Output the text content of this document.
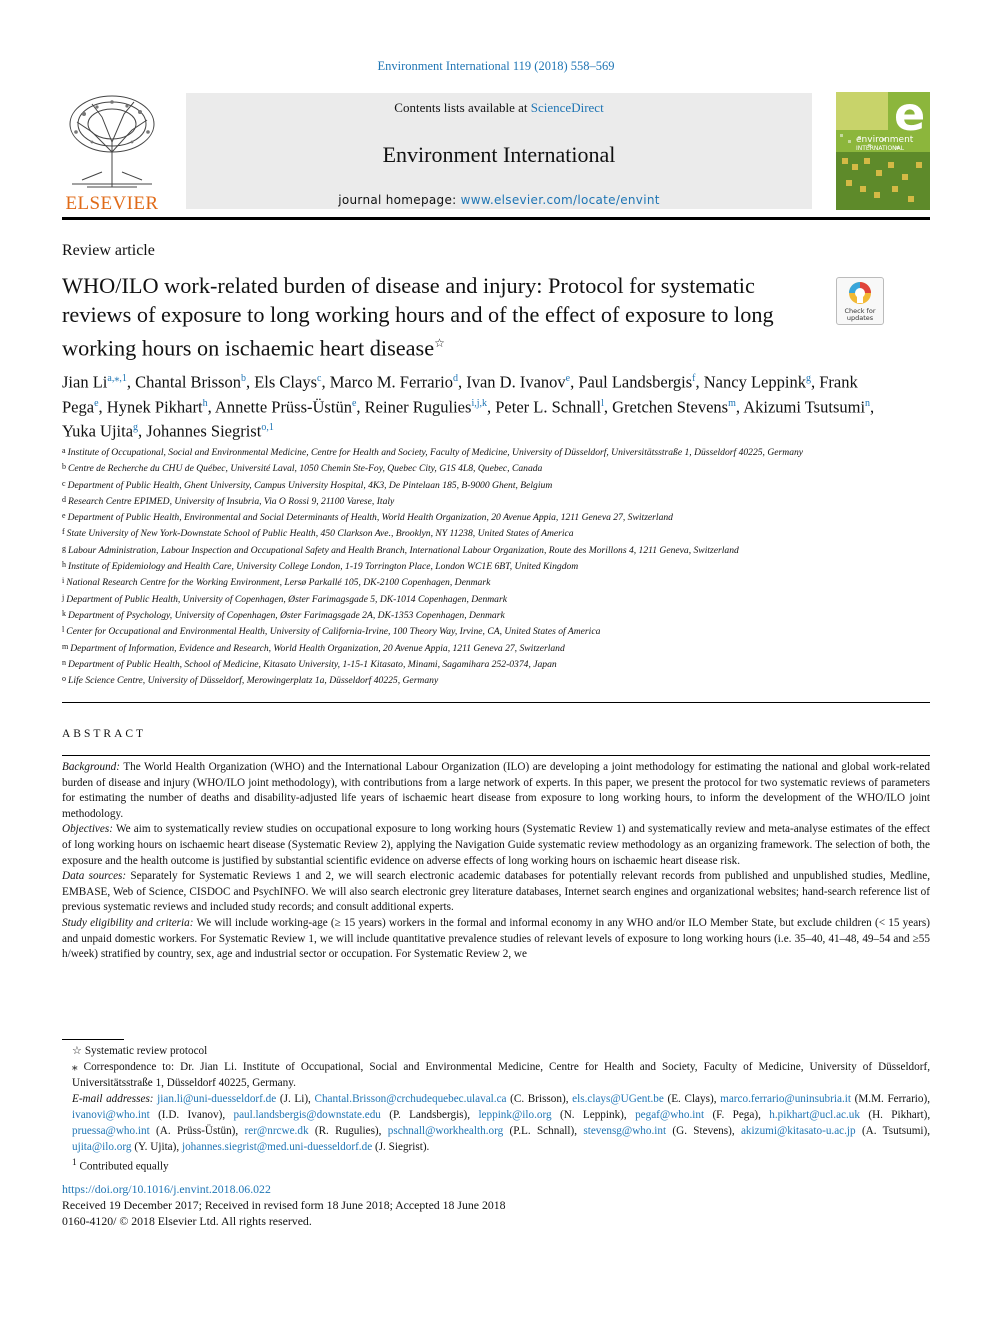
Environment International 119 (2018) 558–569
ELSEVIER
Contents lists available at ScienceDirect
Environment International
journal homepage: www.elsevier.com/locate/envint
e
environment
INTERNATIONAL
Review article
WHO/ILO work-related burden of disease and injury: Protocol for systematic reviews of exposure to long working hours and of the effect of exposure to long working hours on ischaemic heart disease☆
Check for
updates
Jian $Li^{a,⁎,1}$, Chantal Brisson$^b$, Els Clays$^c$, Marco M. Ferrario$^d$, Ivan D. Ivanov$^e$, Paul Landsbergis$^f$, Nancy Leppink$^g$, Frank Pega$^e$, Hynek Pikhart$^h$, Annette Prüss-Üstün$^e$, Reiner Rugulies$^{i,j,k}$, Peter L. Schnall$^l$, Gretchen Stevens$^m$, Akizumi Tsutsumi$^n$, Yuka Ujita$^g$, Johannes Siegrist$^{o,1}$
$^a$ Institute of Occupational, Social and Environmental Medicine, Centre for Health and Society, Faculty of Medicine, University of Düsseldorf, Universitätsstraße 1, Düsseldorf 40225, Germany
$^b$ Centre de Recherche du CHU de Québec, Université Laval, 1050 Chemin Ste-Foy, Quebec City, G1S 4L8, Quebec, Canada
$^c$ Department of Public Health, Ghent University, Campus University Hospital, 4K3, De Pintelaan 185, B-9000 Ghent, Belgium
$^d$ Research Centre EPIMED, University of Insubria, Via O Rossi 9, 21100 Varese, Italy
$^e$ Department of Public Health, Environmental and Social Determinants of Health, World Health Organization, 20 Avenue Appia, 1211 Geneva 27, Switzerland
$^f$ State University of New York-Downstate School of Public Health, 450 Clarkson Ave., Brooklyn, NY 11238, United States of America
$^g$ Labour Administration, Labour Inspection and Occupational Safety and Health Branch, International Labour Organization, Route des Morillons 4, 1211 Geneva, Switzerland
$^h$ Institute of Epidemiology and Health Care, University College London, 1-19 Torrington Place, London WC1E 6BT, United Kingdom
$^i$ National Research Centre for the Working Environment, Lersø Parkallé 105, DK-2100 Copenhagen, Denmark
$^j$ Department of Public Health, University of Copenhagen, Øster Farimagsgade 5, DK-1014 Copenhagen, Denmark
$^k$ Department of Psychology, University of Copenhagen, Øster Farimagsgade 2A, DK-1353 Copenhagen, Denmark
$^l$ Center for Occupational and Environmental Health, University of California-Irvine, 100 Theory Way, Irvine, CA, United States of America
$^m$ Department of Information, Evidence and Research, World Health Organization, 20 Avenue Appia, 1211 Geneva 27, Switzerland
$^n$ Department of Public Health, School of Medicine, Kitasato University, 1-15-1 Kitasato, Minami, Sagamihara 252-0374, Japan
$^o$ Life Science Centre, University of Düsseldorf, Merowingerplatz 1a, Düsseldorf 40225, Germany
ABSTRACT

Background: The World Health Organization (WHO) and the International Labour Organization (ILO) are developing a joint methodology for estimating the national and global work-related burden of disease and injury (WHO/ILO joint methodology), with contributions from a large network of experts. In this paper, we present the protocol for two systematic reviews of parameters for estimating the number of deaths and disability-adjusted life years of ischaemic heart disease from exposure to long working hours, to inform the development of the WHO/ILO joint methodology.

Objectives: We aim to systematically review studies on occupational exposure to long working hours (Systematic Review 1) and systematically review and meta-analyse estimates of the effect of long working hours on ischaemic heart disease (Systematic Review 2), applying the Navigation Guide systematic review methodology as an organizing framework. The selection of both, the exposure and the health outcome is justified by substantial scientific evidence on adverse effects of long working hours on ischaemic heart disease risk.

Data sources: Separately for Systematic Reviews 1 and 2, we will search electronic academic databases for potentially relevant records from published and unpublished studies, Medline, EMBASE, Web of Science, CISDOC and PsychINFO. We will also search electronic grey literature databases, Internet search engines and organizational websites; hand-search reference list of previous systematic reviews and included study records; and consult additional experts.

Study eligibility and criteria: We will include working-age (≥ 15 years) workers in the formal and informal economy in any WHO and/or ILO Member State, but exclude children (< 15 years) and unpaid domestic workers. For Systematic Review 1, we will include quantitative prevalence studies of relevant levels of exposure to long working hours (i.e. 35–40, 41–48, 49–54 and ≥55 h/week) stratified by country, sex, age and industrial sector or occupation. For Systematic Review 2, we

☆ Systematic review protocol

⁎ Correspondence to: Dr. Jian Li. Institute of Occupational, Social and Environmental Medicine, Centre for Health and Society, Faculty of Medicine, University of Düsseldorf, Universitätsstraße 1, Düsseldorf 40225, Germany.

E-mail addresses: jian.li@uni-duesseldorf.de (J. Li), Chantal.Brisson@crchudequebec.ulaval.ca (C. Brisson), els.clays@UGent.be (E. Clays), marco.ferrario@uninsubria.it (M.M. Ferrario), ivanovi@who.int (I.D. Ivanov), paul.landsbergis@downstate.edu (P. Landsbergis), leppink@ilo.org (N. Leppink), pegaf@who.int (F. Pega), h.pikhart@ucl.ac.uk (H. Pikhart), pruessa@who.int (A. Prüss-Üstün), rer@nrcwe.dk (R. Rugulies), pschnall@workhealth.org (P.L. Schnall), stevensg@who.int (G. Stevens), akizumi@kitasato-u.ac.jp (A. Tsutsumi), ujita@ilo.org (Y. Ujita), johannes.siegrist@med.uni-duesseldorf.de (J. Siegrist).

$^1$ Contributed equally

https://doi.org/10.1016/j.envint.2018.06.022

Received 19 December 2017; Received in revised form 18 June 2018; Accepted 18 June 2018

0160-4120/ © 2018 Elsevier Ltd. All rights reserved.
